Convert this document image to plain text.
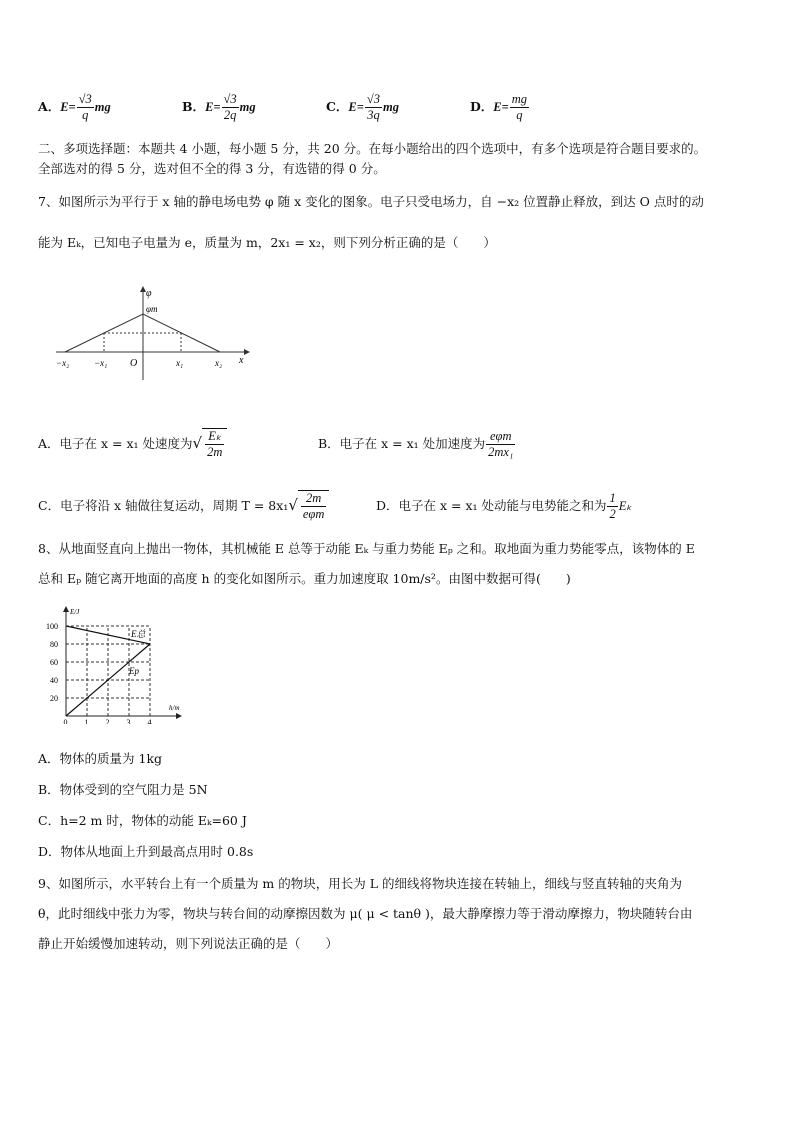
A．$E= \frac{√3}{q}$ mg	B．$E= \frac{√3}{2q}$ mg	C．$E= \frac{√3}{3q}$ mg	D．$E= \frac{mg}{q}$
二、多项选择题：本题共 4 小题，每小题 5 分，共 20 分。在每小题给出的四个选项中，有多个选项是符合题目要求的。
全部选对的得 5 分，选对但不全的得 3 分，有选错的得 0 分。
7、如图所示为平行于 x 轴的静电场电势 φ 随 x 变化的图象。电子只受电场力，自 −x₂ 位置静止释放，到达 O 点时的动
能为 Eₖ，已知电子电量为 e，质量为 m，2x₁ = x₂，则下列分析正确的是（　　）
φ
φm
x
O
−x₂	−x₁	x₁	x₂
A．电子在 x = x₁ 处速度为√ $\frac{\text{Eₖ}}{2m}$	B．电子在 x = x₁ 处加速度为 $\frac{\text{eφm}}{\text{2mx₁}}$
C．电子将沿 x 轴做往复运动，周期 $T = 8x_1√ \frac{2m}{\text{eφm}}$	D．电子在 x = x₁ 处动能与电势能之和为 $\frac{1}{2}$ Eₖ
8、从地面竖直向上抛出一物体，其机械能 E 总等于动能 Eₖ 与重力势能 Eₚ 之和。取地面为重力势能零点，该物体的 E
总和 Eₚ 随它离开地面的高度 h 的变化如图所示。重力加速度取 10m/s²。由图中数据可得(　　)
E/J
h/m
0 1 2 3 4
20
40
60
80
100
E总
Ep
A．物体的质量为 1kg
B．物体受到的空气阻力是 5N
C．h=2 m 时，物体的动能 Eₖ=60 J
D．物体从地面上升到最高点用时 0.8s
9、如图所示，水平转台上有一个质量为 m 的物块，用长为 L 的细线将物块连接在转轴上，细线与竖直转轴的夹角为
θ，此时细线中张力为零，物块与转台间的动摩擦因数为 μ( μ < tanθ )，最大静摩擦力等于滑动摩擦力，物块随转台由
静止开始缓慢加速转动，则下列说法正确的是（　　）
